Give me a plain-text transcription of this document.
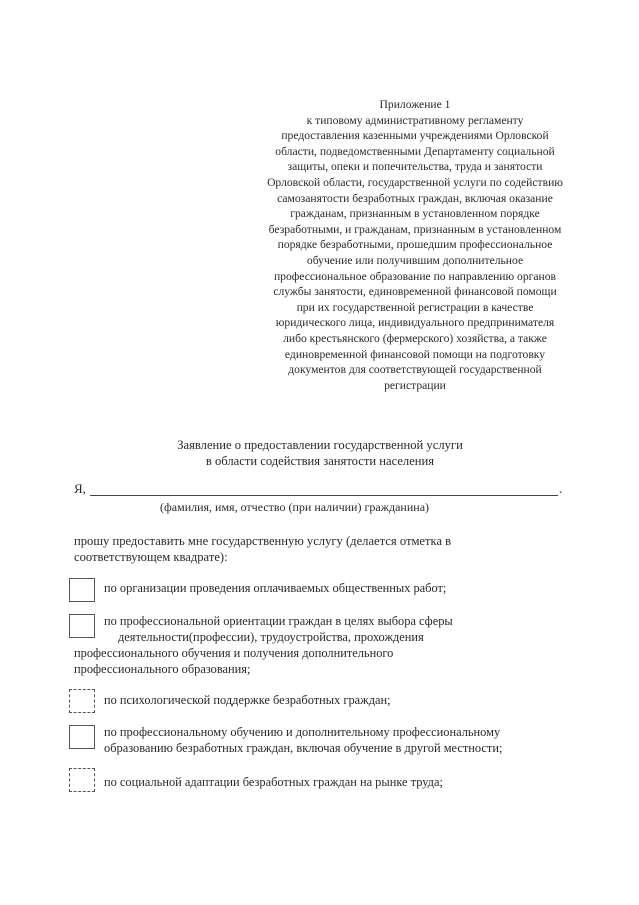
Приложение 1
к типовому административному регламенту
предоставления казенными учреждениями Орловской
области, подведомственными Департаменту социальной
защиты, опеки и попечительства, труда и занятости
Орловской области, государственной услуги по содействию
самозанятости безработных граждан, включая оказание
гражданам, признанным в установленном порядке
безработными, и гражданам, признанным в установленном
порядке безработными, прошедшим профессиональное
обучение или получившим дополнительное
профессиональное образование по направлению органов
службы занятости, единовременной финансовой помощи
при их государственной регистрации в качестве
юридического лица, индивидуального предпринимателя
либо крестьянского (фермерского) хозяйства, а также
единовременной финансовой помощи на подготовку
документов для соответствующей государственной
регистрации
Заявление о предоставлении государственной услуги
в области содействия занятости населения
Я,	.
(фамилия, имя, отчество (при наличии) гражданина)
прошу предоставить мне государственную услугу (делается отметка в
соответствующем квадрате):
по организации проведения оплачиваемых общественных работ;
по профессиональной ориентации граждан в целях выбора сферы
деятельности(профессии), трудоустройства, прохождения
профессионального обучения и получения дополнительного
профессионального образования;
по психологической поддержке безработных граждан;
по профессиональному обучению и дополнительному профессиональному
образованию безработных граждан, включая обучение в другой местности;
по социальной адаптации безработных граждан на рынке труда;
